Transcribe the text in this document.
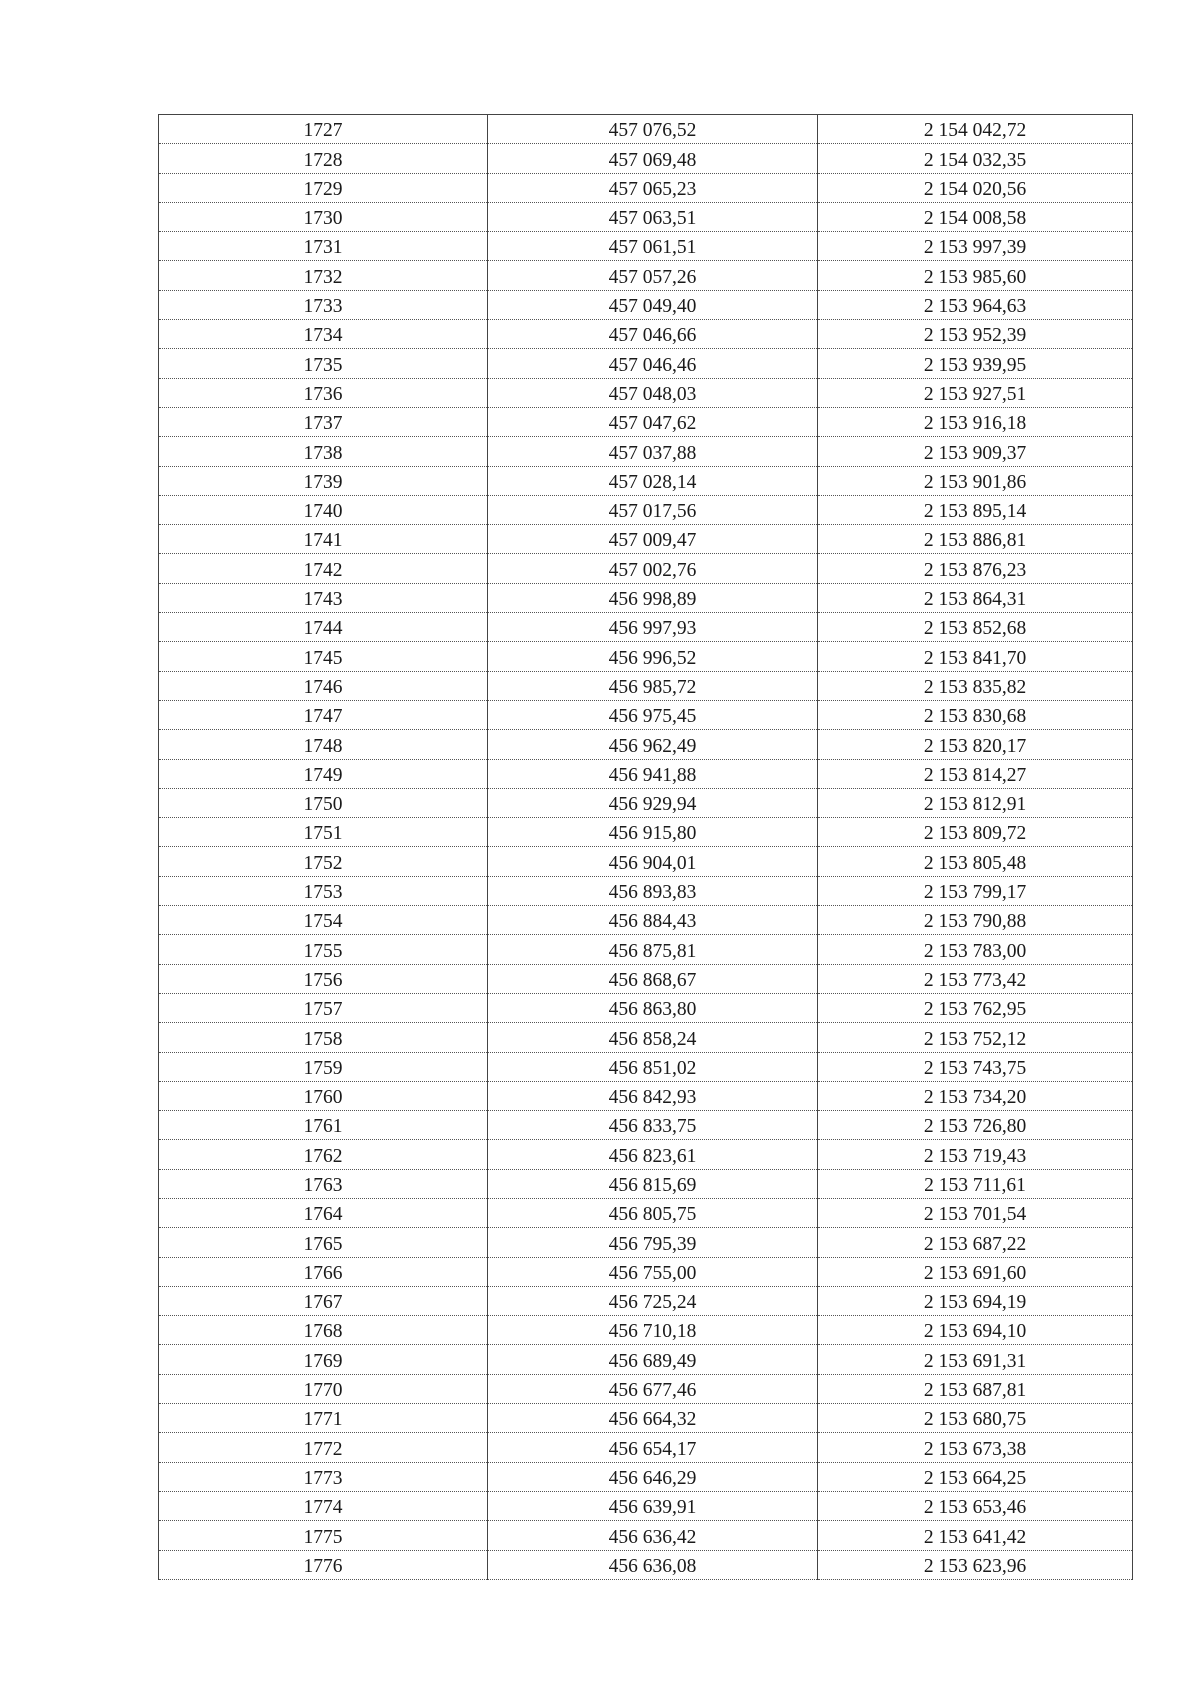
1727	457 076,52	2 154 042,72
1728	457 069,48	2 154 032,35
1729	457 065,23	2 154 020,56
1730	457 063,51	2 154 008,58
1731	457 061,51	2 153 997,39
1732	457 057,26	2 153 985,60
1733	457 049,40	2 153 964,63
1734	457 046,66	2 153 952,39
1735	457 046,46	2 153 939,95
1736	457 048,03	2 153 927,51
1737	457 047,62	2 153 916,18
1738	457 037,88	2 153 909,37
1739	457 028,14	2 153 901,86
1740	457 017,56	2 153 895,14
1741	457 009,47	2 153 886,81
1742	457 002,76	2 153 876,23
1743	456 998,89	2 153 864,31
1744	456 997,93	2 153 852,68
1745	456 996,52	2 153 841,70
1746	456 985,72	2 153 835,82
1747	456 975,45	2 153 830,68
1748	456 962,49	2 153 820,17
1749	456 941,88	2 153 814,27
1750	456 929,94	2 153 812,91
1751	456 915,80	2 153 809,72
1752	456 904,01	2 153 805,48
1753	456 893,83	2 153 799,17
1754	456 884,43	2 153 790,88
1755	456 875,81	2 153 783,00
1756	456 868,67	2 153 773,42
1757	456 863,80	2 153 762,95
1758	456 858,24	2 153 752,12
1759	456 851,02	2 153 743,75
1760	456 842,93	2 153 734,20
1761	456 833,75	2 153 726,80
1762	456 823,61	2 153 719,43
1763	456 815,69	2 153 711,61
1764	456 805,75	2 153 701,54
1765	456 795,39	2 153 687,22
1766	456 755,00	2 153 691,60
1767	456 725,24	2 153 694,19
1768	456 710,18	2 153 694,10
1769	456 689,49	2 153 691,31
1770	456 677,46	2 153 687,81
1771	456 664,32	2 153 680,75
1772	456 654,17	2 153 673,38
1773	456 646,29	2 153 664,25
1774	456 639,91	2 153 653,46
1775	456 636,42	2 153 641,42
1776	456 636,08	2 153 623,96
